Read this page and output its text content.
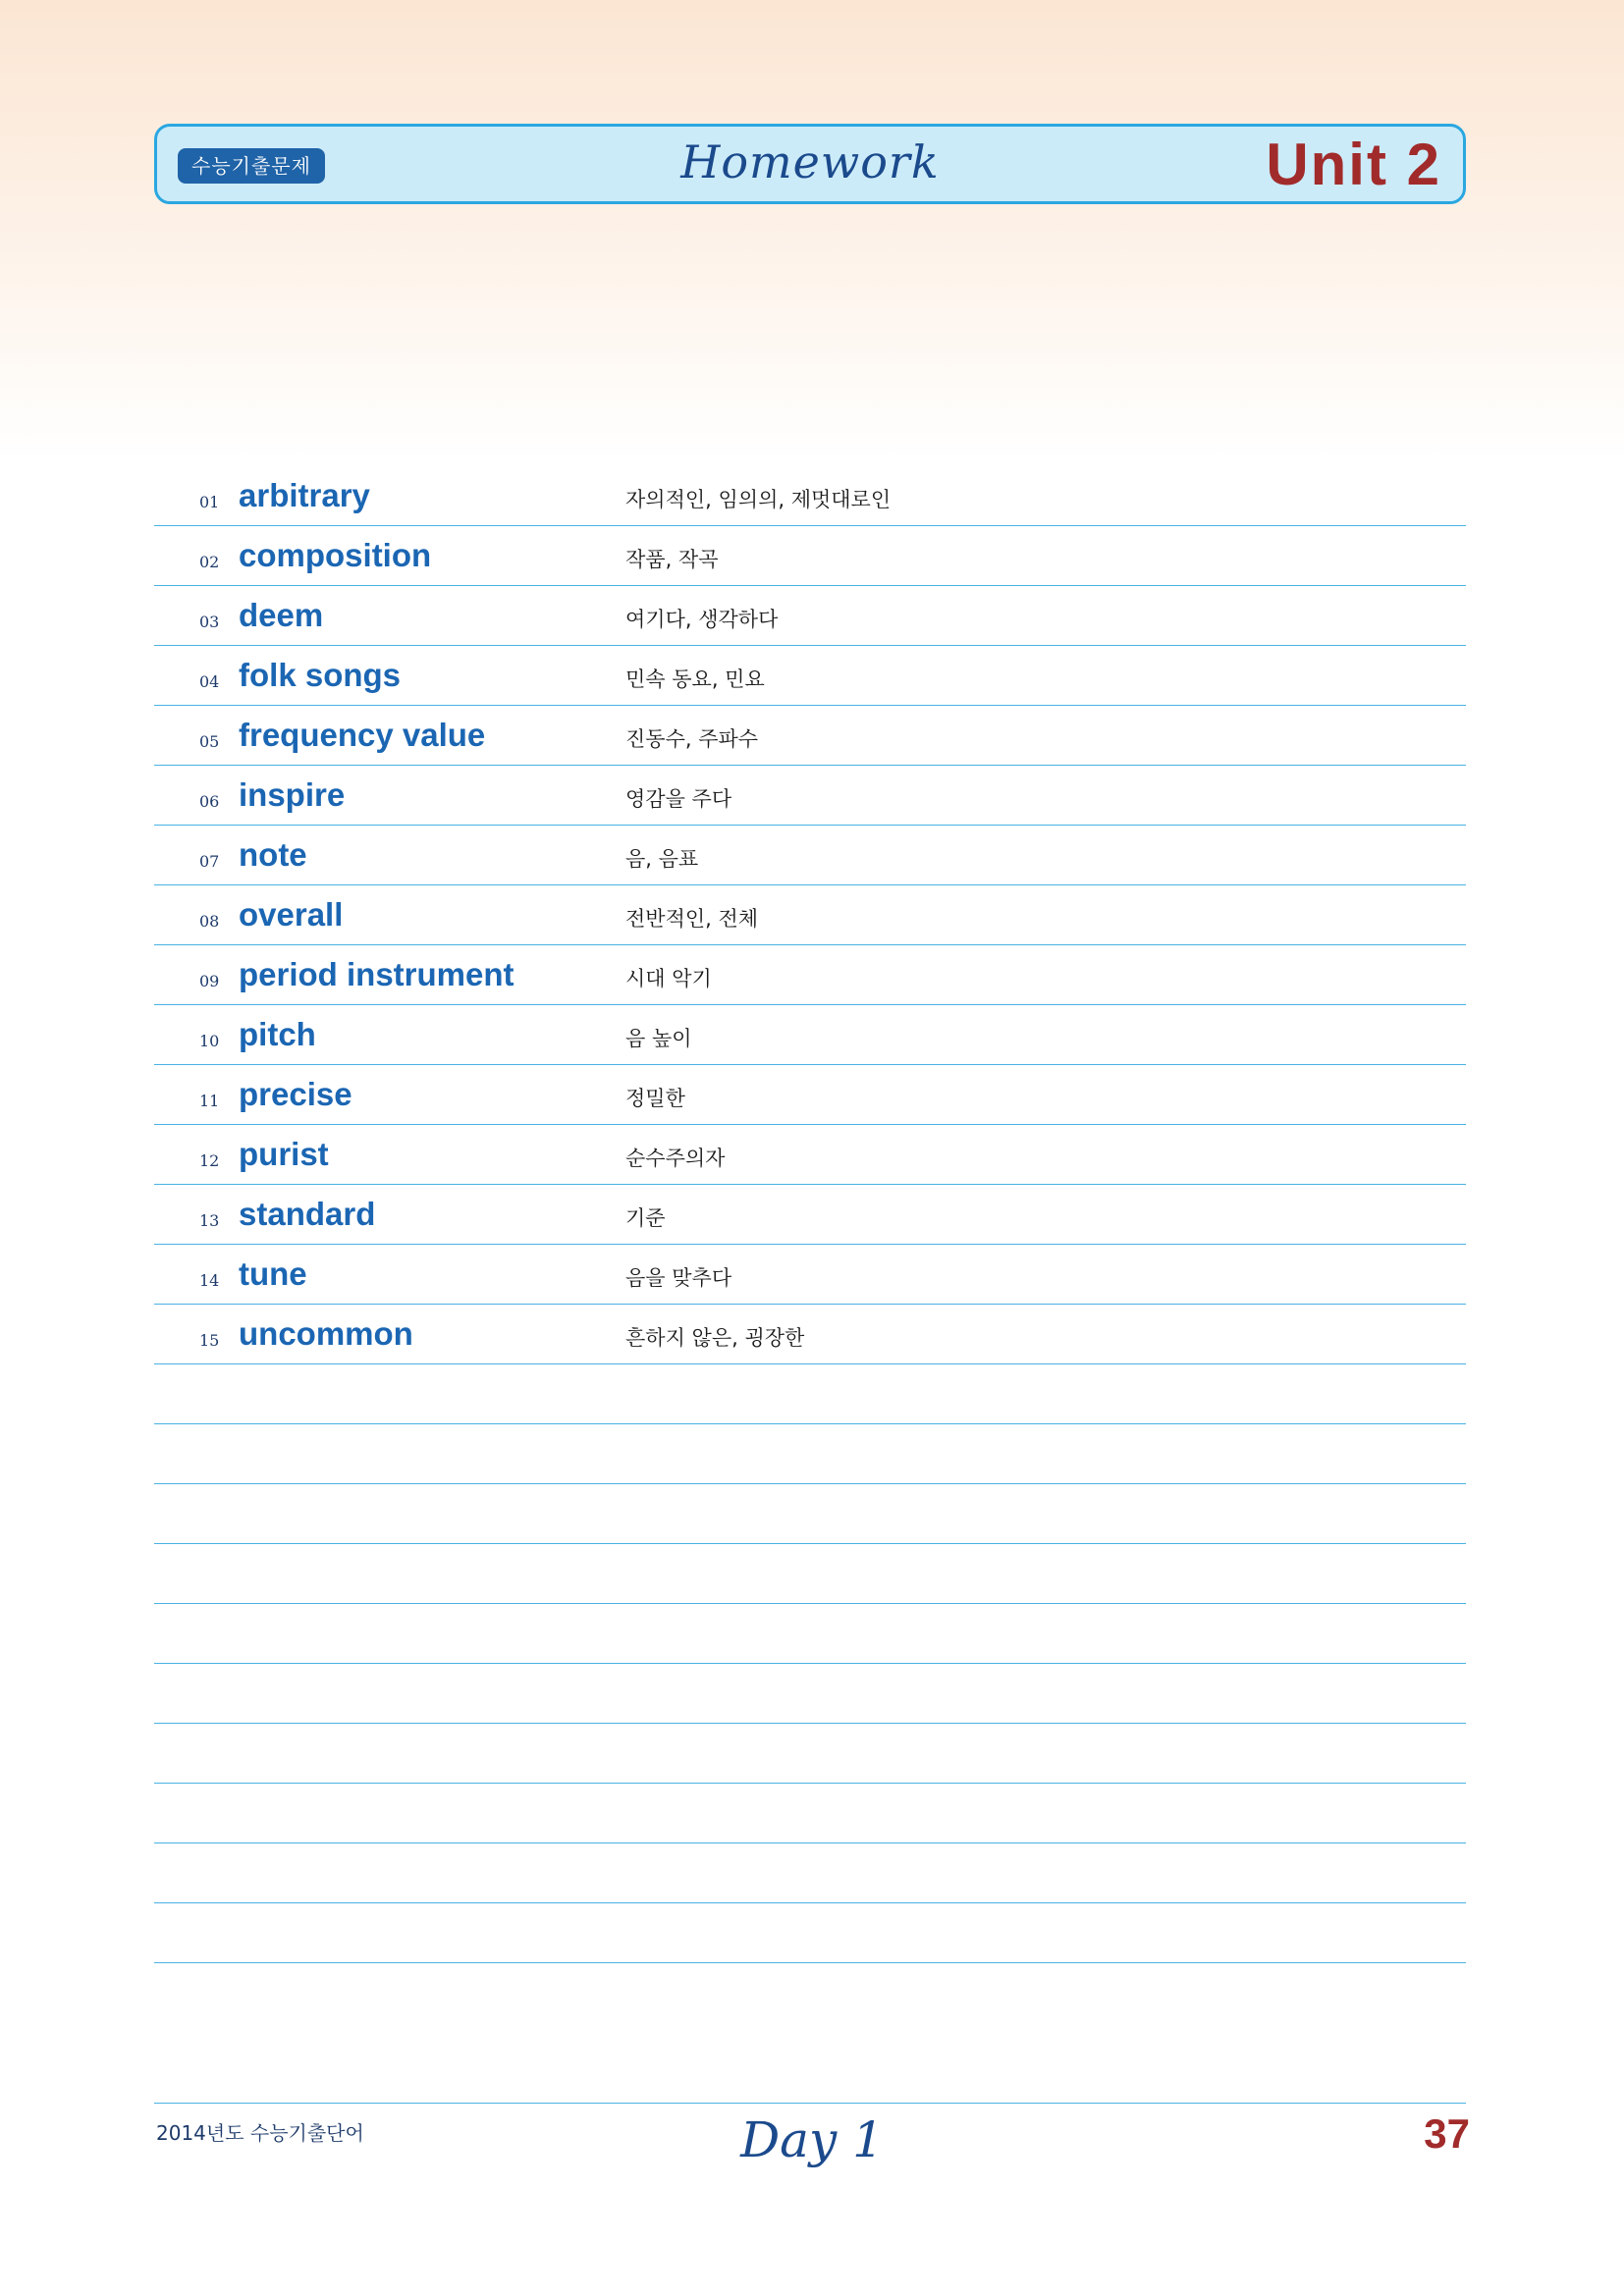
수능기출문제	Homework	Unit 2
01 arbitrary	자의적인, 임의의, 제멋대로인
02 composition	작품, 작곡
03 deem	여기다, 생각하다
04 folk songs	민속 동요, 민요
05 frequency value	진동수, 주파수
06 inspire	영감을 주다
07 note	음, 음표
08 overall	전반적인, 전체
09 period instrument	시대 악기
10 pitch	음 높이
11 precise	정밀한
12 purist	순수주의자
13 standard	기준
14 tune	음을 맞추다
15 uncommon	흔하지 않은, 굉장한
2014년도 수능기출단어	Day 1	37
